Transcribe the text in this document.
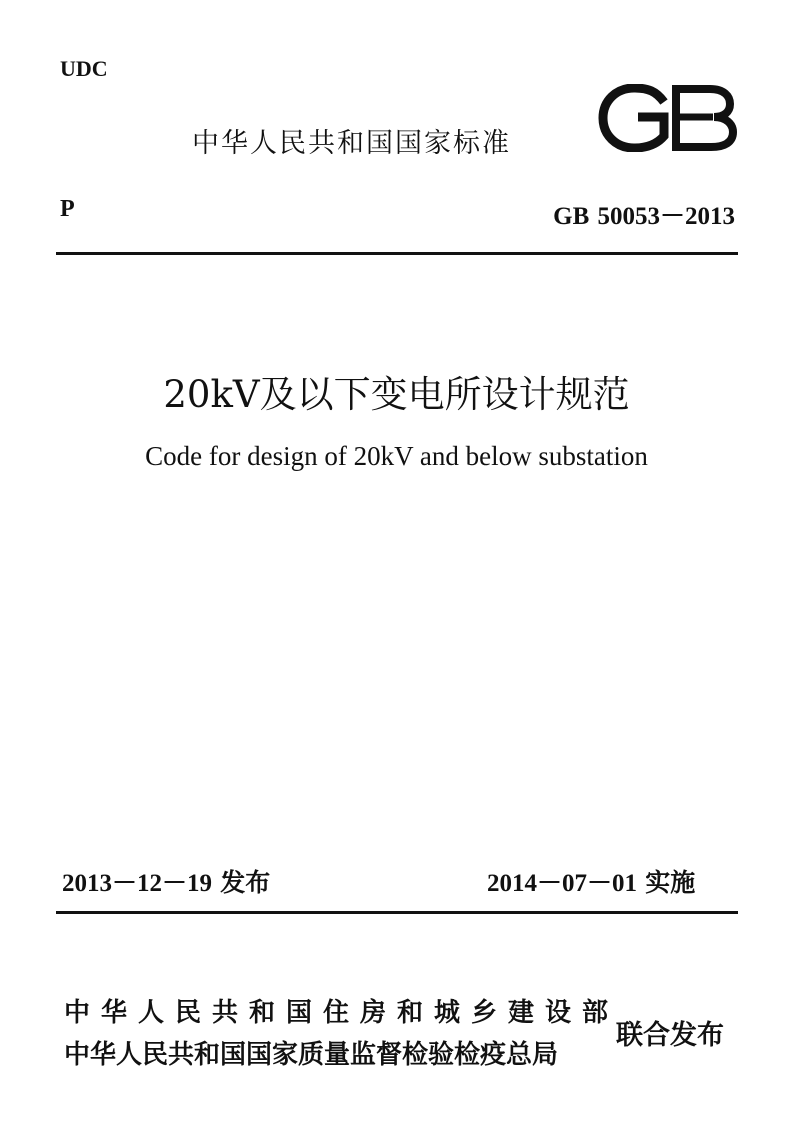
UDC
中华人民共和国国家标准
P	GB 50053－2013
20kV及以下变电所设计规范
Code for design of 20kV and below substation
2013－12－19 发布	2014－07－01 实施
中华人民共和国住房和城乡建设部
中华人民共和国国家质量监督检验检疫总局
联合发布
